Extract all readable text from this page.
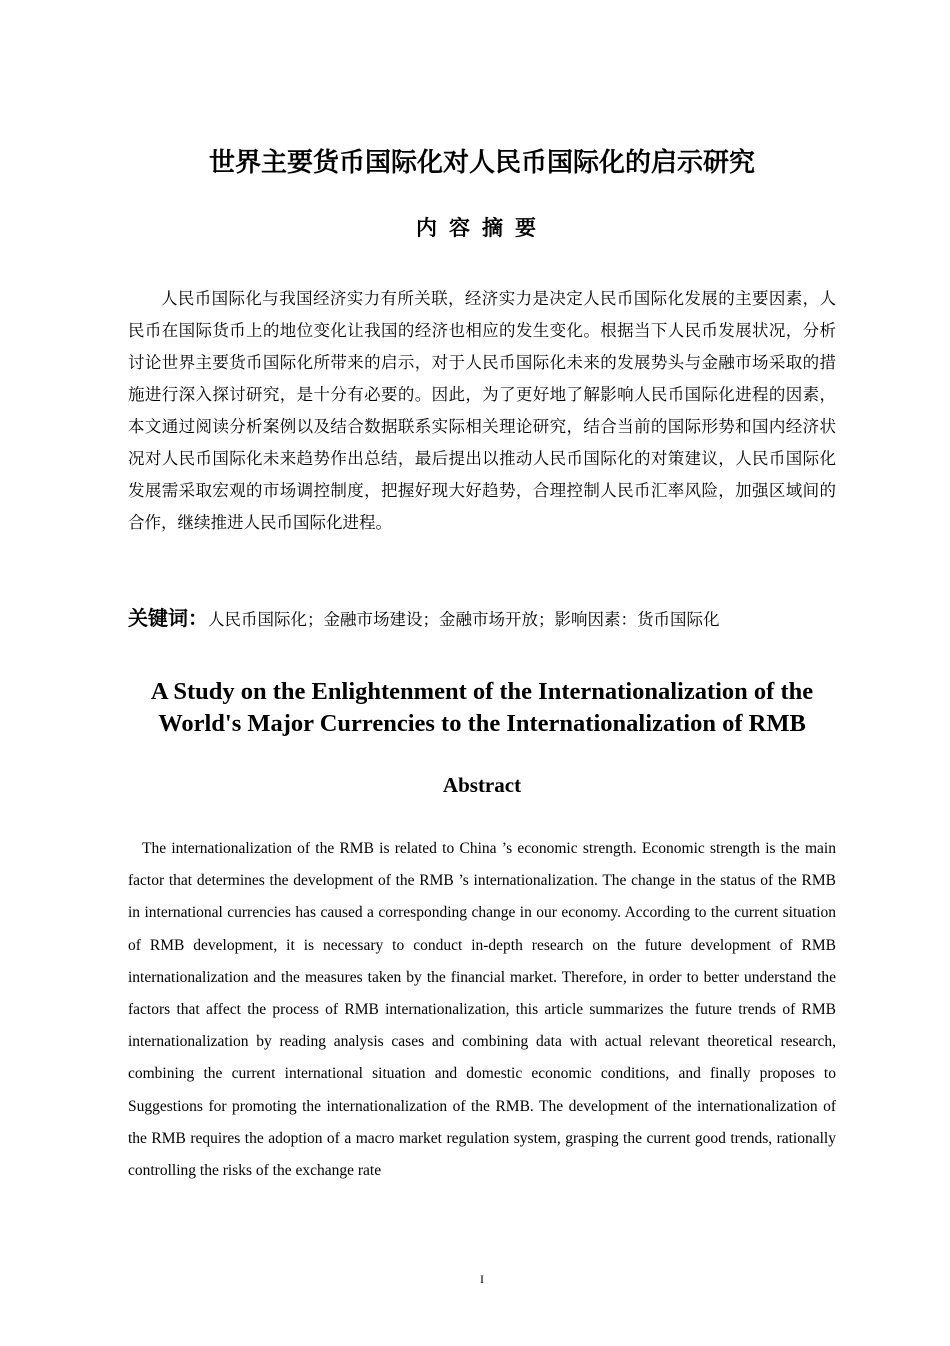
世界主要货币国际化对人民币国际化的启示研究
内容摘要

人民币国际化与我国经济实力有所关联，经济实力是决定人民币国际化发展的主要因素，人民币在国际货币上的地位变化让我国的经济也相应的发生变化。根据当下人民币发展状况，分析讨论世界主要货币国际化所带来的启示，对于人民币国际化未来的发展势头与金融市场采取的措施进行深入探讨研究，是十分有必要的。因此，为了更好地了解影响人民币国际化进程的因素，本文通过阅读分析案例以及结合数据联系实际相关理论研究，结合当前的国际形势和国内经济状况对人民币国际化未来趋势作出总结，最后提出以推动人民币国际化的对策建议，人民币国际化发展需采取宏观的市场调控制度，把握好现大好趋势，合理控制人民币汇率风险，加强区域间的合作，继续推进人民币国际化进程。

关键词：人民币国际化；金融市场建设；金融市场开放；影响因素：货币国际化
A Study on the Enlightenment of the Internationalization of the World's Major Currencies to the Internationalization of RMB
Abstract

The internationalization of the RMB is related to China ’s economic strength. Economic strength is the main factor that determines the development of the RMB ’s internationalization. The change in the status of the RMB in international currencies has caused a corresponding change in our economy. According to the current situation of RMB development, it is necessary to conduct in-depth research on the future development of RMB internationalization and the measures taken by the financial market. Therefore, in order to better understand the factors that affect the process of RMB internationalization, this article summarizes the future trends of RMB internationalization by reading analysis cases and combining data with actual relevant theoretical research, combining the current international situation and domestic economic conditions, and finally proposes to Suggestions for promoting the internationalization of the RMB. The development of the internationalization of the RMB requires the adoption of a macro market regulation system, grasping the current good trends, rationally controlling the risks of the exchange rate

I
